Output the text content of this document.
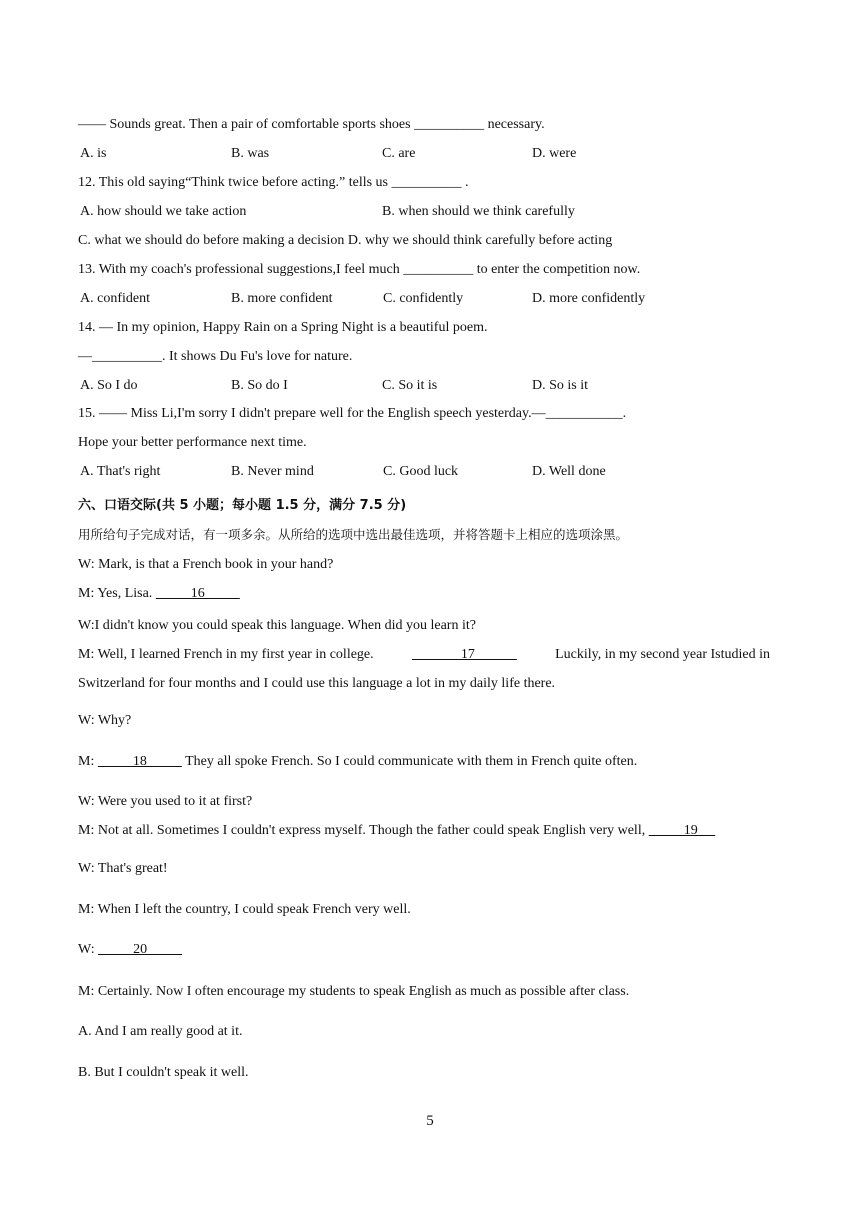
—— Sounds great. Then a pair of comfortable sports shoes __________ necessary.
A. is	B. was	C. are	D. were
12. This old saying“Think twice before acting.” tells us __________ .
A. how should we take action	B. when should we think carefully
C. what we should do before making a decision D. why we should think carefully before acting
13. With my coach's professional suggestions,I feel much __________ to enter the competition now.
A. confident	B. more confident	C. confidently	D. more confidently
14. — In my opinion, Happy Rain on a Spring Night is a beautiful poem.
—__________. It shows Du Fu's love for nature.
A. So I do	B. So do I	C. So it is	D. So is it
15. —— Miss Li,I'm sorry I didn't prepare well for the English speech yesterday.—___________.
Hope your better performance next time.
A. That's right	B. Never mind	C. Good luck	D. Well done
六、口语交际(共 5 小题；每小题 1.5 分，满分 7.5 分)
用所给句子完成对话，有一项多余。从所给的选项中选出最佳选项，并将答题卡上相应的选项涂黑。
W: Mark, is that a French book in your hand?
M: Yes, Lisa.           16
W:I didn't know you could speak this language. When did you learn it?
M: Well, I learned French in my first year in college.	17	Luckily, in my second year Istudied in
Switzerland for four months and I could use this language a lot in my daily life there.
W: Why?
M:           18           They all spoke French. So I could communicate with them in French quite often.
W: Were you used to it at first?
M: Not at all. Sometimes I couldn't express myself. Though the father could speak English very well,           19
W: That's great!
M: When I left the country, I could speak French very well.
W:           20
M: Certainly. Now I often encourage my students to speak English as much as possible after class.
A. And I am really good at it.
B. But I couldn't speak it well.
5
